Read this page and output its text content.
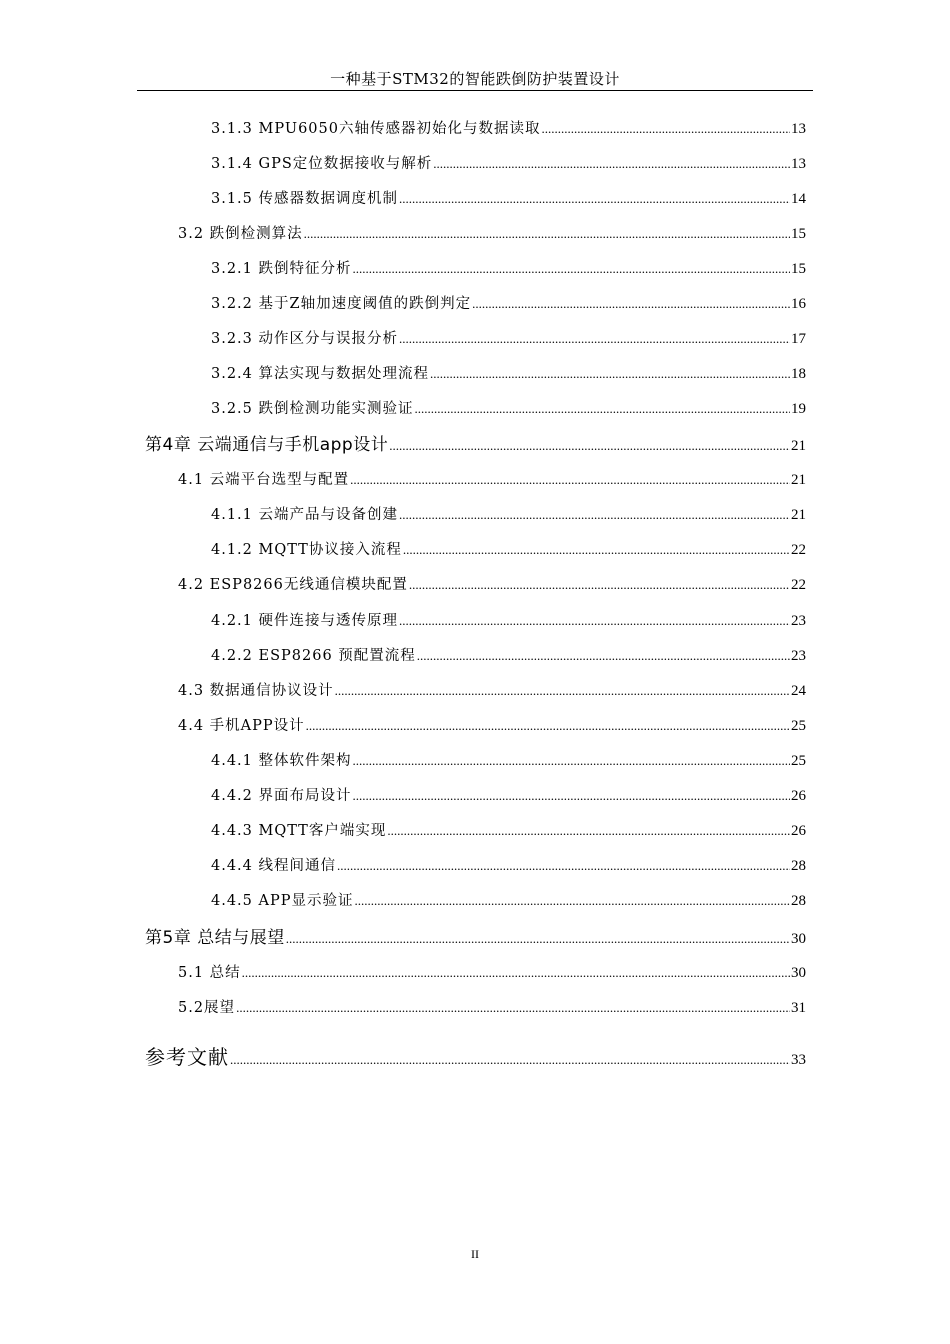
一种基于STM32的智能跌倒防护装置设计
3.1.3 MPU6050六轴传感器初始化与数据读取 .....	13
3.1.4 GPS定位数据接收与解析 .....	13
3.1.5 传感器数据调度机制 .....	14
3.2 跌倒检测算法 .....	15
3.2.1 跌倒特征分析 .....	15
3.2.2 基于Z轴加速度阈值的跌倒判定 .....	16
3.2.3 动作区分与误报分析 .....	17
3.2.4 算法实现与数据处理流程 .....	18
3.2.5 跌倒检测功能实测验证 .....	19
第4章 云端通信与手机app设计 .....	21
4.1 云端平台选型与配置 .....	21
4.1.1 云端产品与设备创建 .....	21
4.1.2 MQTT协议接入流程 .....	22
4.2 ESP8266无线通信模块配置 .....	22
4.2.1 硬件连接与透传原理 .....	23
4.2.2 ESP8266 预配置流程 .....	23
4.3 数据通信协议设计 .....	24
4.4 手机APP设计 .....	25
4.4.1 整体软件架构 .....	25
4.4.2 界面布局设计 .....	26
4.4.3 MQTT客户端实现 .....	26
4.4.4 线程间通信 .....	28
4.4.5 APP显示验证 .....	28
第5章 总结与展望 .....	30
5.1 总结 .....	30
5.2展望 .....	31
参考文献 .....	33
II
